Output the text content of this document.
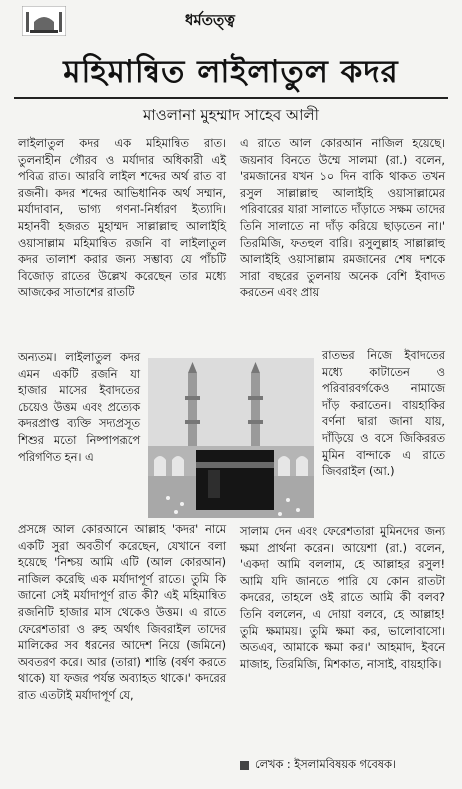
ধর্মতত্ত্ব
মহিমান্বিত লাইলাতুল কদর
মাওলানা মুহম্মাদ সাহেব আলী

লাইলাতুল কদর এক মহিমান্বিত রাত। তুলনাহীন গৌরব ও মর্যাদার অধিকারী এই পবিত্র রাত। আরবি লাইল শব্দের অর্থ রাত বা রজনী। কদর শব্দের আভিধানিক অর্থ সম্মান, মর্যাদাবান, ভাগ্য গণনা-নির্ধারণ ইত্যাদি। মহানবী হজরত মুহাম্মদ সাল্লাল্লাহু আলাইহি ওয়াসাল্লাম মহিমান্বিত রজনি বা লাইলাতুল কদর তালাশ করার জন্য সম্ভাব্য যে পাঁচটি বিজোড় রাতের উল্লেখ করেছেন তার মধ্যে আজকের সাতাশের রাতটি

অন্যতম। লাইলাতুল কদর এমন একটি রজনি যা হাজার মাসের ইবাদতের চেয়েও উত্তম এবং প্রত্যেক কদরপ্রাপ্ত ব্যক্তি সদ্যপ্রসূত শিশুর মতো নিষ্পাপরূপে পরিগণিত হন। এ

প্রসঙ্গে আল কোরআনে আল্লাহ 'কদর' নামে একটি সুরা অবতীর্ণ করেছেন, যেখানে বলা হয়েছে 'নিশ্চয় আমি এটি (আল কোরআন) নাজিল করেছি এক মর্যাদাপূর্ণ রাতে। তুমি কি জানো সেই মর্যাদাপূর্ণ রাত কী? এই মহিমান্বিত রজনিটি হাজার মাস থেকেও উত্তম। এ রাতে ফেরেশতারা ও রুহ অর্থাৎ জিবরাইল তাদের মালিকের সব ধরনের আদেশ নিয়ে (জমিনে) অবতরণ করে। আর (তারা) শান্তি (বর্ষণ করতে থাকে) যা ফজর পর্যন্ত অব্যাহত থাকে।' কদরের রাত এতটাই মর্যাদাপূর্ণ যে,

এ রাতে আল কোরআন নাজিল হয়েছে। জয়নাব বিনতে উম্মে সালমা (রা.) বলেন, 'রমজানের যখন ১০ দিন বাকি থাকত তখন রসুল সাল্লাল্লাহু আলাইহি ওয়াসাল্লামের পরিবারের যারা সালাতে দাঁড়াতে সক্ষম তাদের তিনি সালাতে না দাঁড় করিয়ে ছাড়তেন না।' তিরমিজি, ফতহুল বারি। রসুলুল্লাহ সাল্লাল্লাহু আলাইহি ওয়াসাল্লাম রমজানের শেষ দশকে সারা বছরের তুলনায় অনেক বেশি ইবাদত করতেন এবং প্রায়

রাতভর নিজে ইবাদতের মধ্যে কাটাতেন ও পরিবারবর্গকেও নামাজে দাঁড় করাতেন। বায়হাকির বর্ণনা দ্বারা জানা যায়, দাঁড়িয়ে ও বসে জিকিররত মুমিন বান্দাকে এ রাতে জিবরাইল (আ.)

সালাম দেন এবং ফেরেশতারা মুমিনদের জন্য ক্ষমা প্রার্থনা করেন। আয়েশা (রা.) বলেন, 'একদা আমি বললাম, হে আল্লাহর রসুল! আমি যদি জানতে পারি যে কোন রাতটা কদরের, তাহলে ওই রাতে আমি কী বলব? তিনি বললেন, এ দোয়া বলবে, হে আল্লাহ! তুমি ক্ষমাময়। তুমি ক্ষমা কর, ভালোবাসো। অতএব, আমাকে ক্ষমা কর।' আহমাদ, ইবনে মাজাহ, তিরমিজি, মিশকাত, নাসাই, বায়হাকি।

লেখক : ইসলামবিষয়ক গবেষক।
